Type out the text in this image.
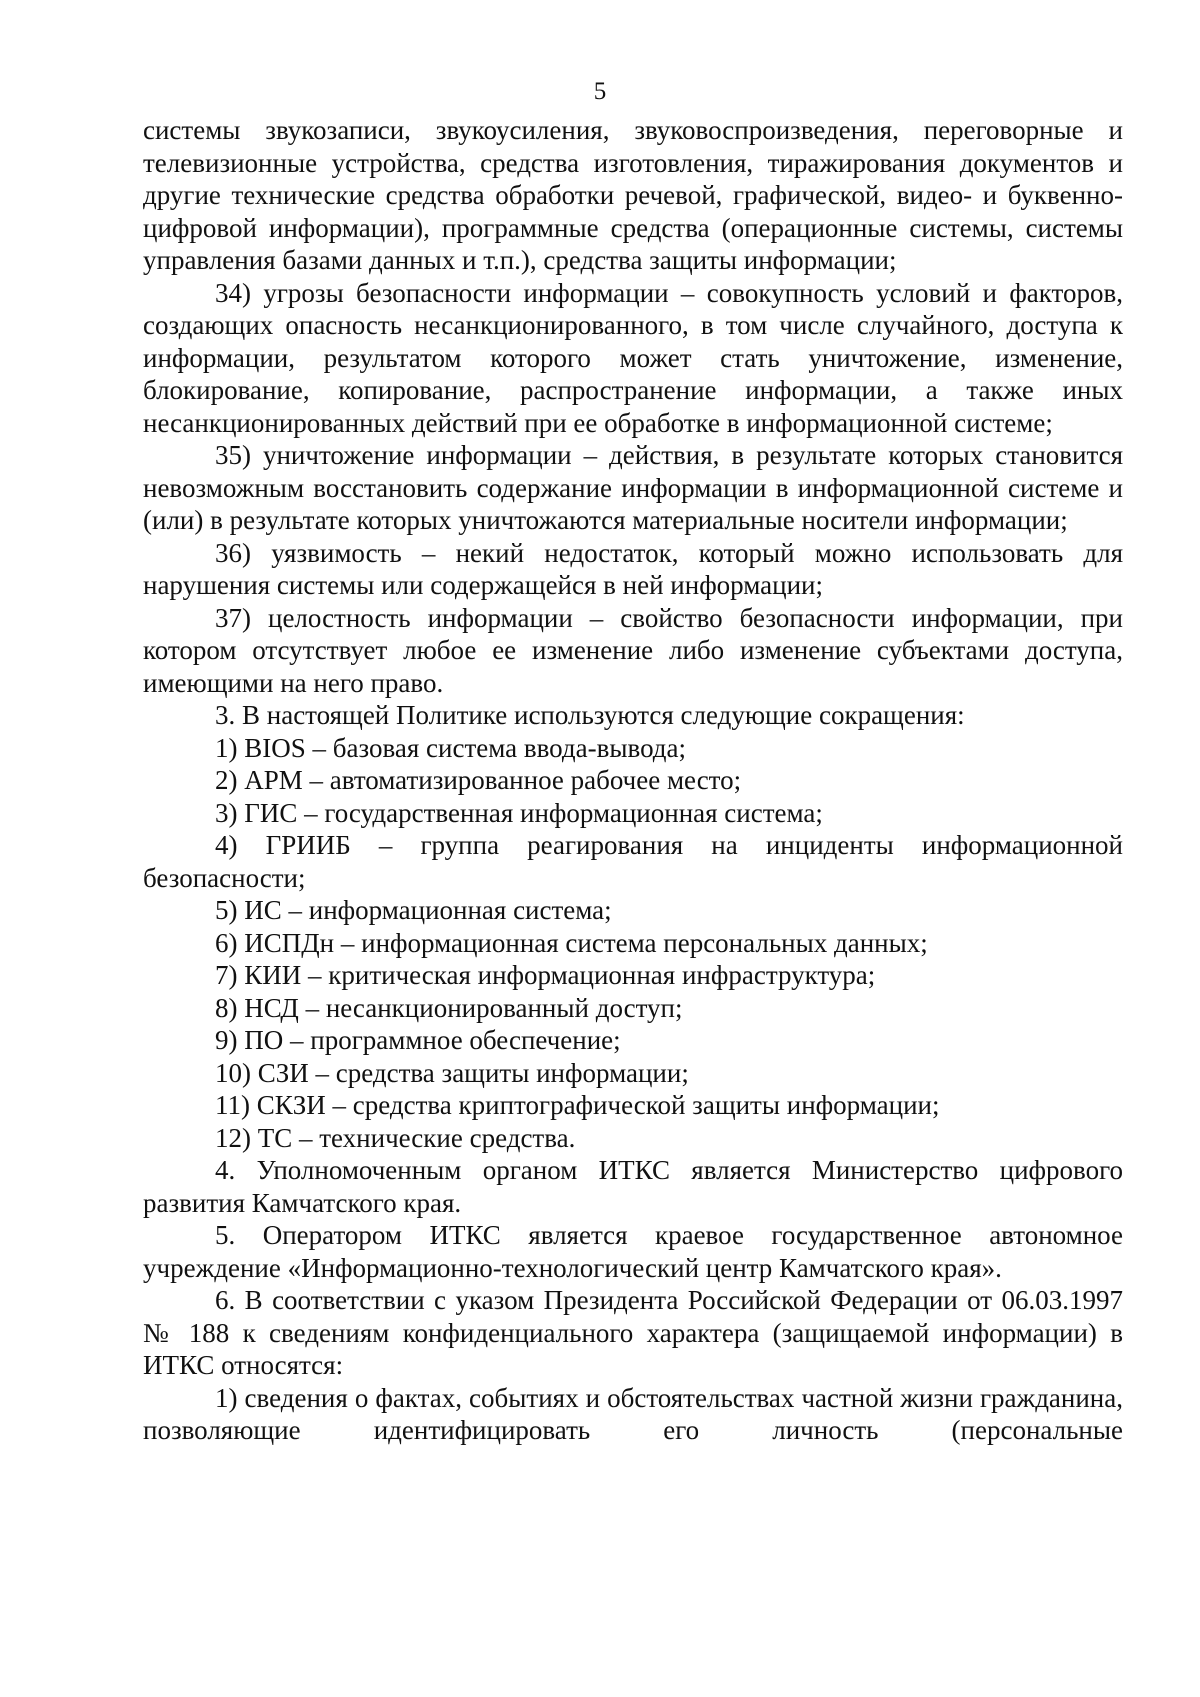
5

системы звукозаписи, звукоусиления, звуковоспроизведения, переговорные и телевизионные устройства, средства изготовления, тиражирования документов и другие технические средства обработки речевой, графической, видео- и буквенно-цифровой информации), программные средства (операционные системы, системы управления базами данных и т.п.), средства защиты информации;

34) угрозы безопасности информации – совокупность условий и факторов, создающих опасность несанкционированного, в том числе случайного, доступа к информации, результатом которого может стать уничтожение, изменение, блокирование, копирование, распространение информации, а также иных несанкционированных действий при ее обработке в информационной системе;

35) уничтожение информации – действия, в результате которых становится невозможным восстановить содержание информации в информационной системе и (или) в результате которых уничтожаются материальные носители информации;

36) уязвимость – некий недостаток, который можно использовать для нарушения системы или содержащейся в ней информации;

37) целостность информации – свойство безопасности информации, при котором отсутствует любое ее изменение либо изменение субъектами доступа, имеющими на него право.

3. В настоящей Политике используются следующие сокращения:

1) BIOS – базовая система ввода-вывода;

2) АРМ – автоматизированное рабочее место;

3) ГИС – государственная информационная система;

4) ГРИИБ – группа реагирования на инциденты информационной безопасности;

5) ИС – информационная система;

6) ИСПДн – информационная система персональных данных;

7) КИИ – критическая информационная инфраструктура;

8) НСД – несанкционированный доступ;

9) ПО – программное обеспечение;

10) СЗИ – средства защиты информации;

11) СКЗИ – средства криптографической защиты информации;

12) ТС – технические средства.

4. Уполномоченным органом ИТКС является Министерство цифрового развития Камчатского края.

5. Оператором ИТКС является краевое государственное автономное учреждение «Информационно-технологический центр Камчатского края».

6. В соответствии с указом Президента Российской Федерации от 06.03.1997 № 188 к сведениям конфиденциального характера (защищаемой информации) в ИТКС относятся:

1) сведения о фактах, событиях и обстоятельствах частной жизни гражданина, позволяющие идентифицировать его личность (персональные
